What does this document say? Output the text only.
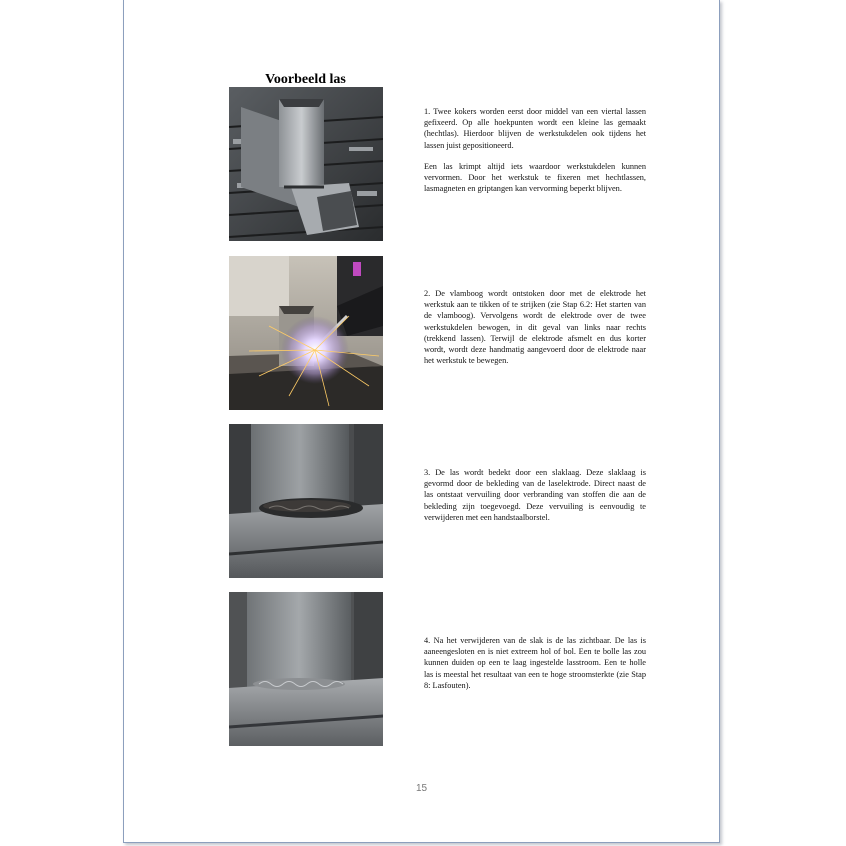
Voorbeeld las

1. Twee kokers worden eerst door middel van een viertal lassen gefixeerd. Op alle hoekpunten wordt een kleine las gemaakt (hechtlas). Hierdoor blijven de werkstukdelen ook tijdens het lassen juist gepositioneerd.

Een las krimpt altijd iets waardoor werkstukdelen kunnen vervormen. Door het werkstuk te fixeren met hechtlassen, lasmagneten en griptangen kan vervorming beperkt blijven.

2. De vlamboog wordt ontstoken door met de elektrode het werkstuk aan te tikken of te strijken (zie Stap 6.2: Het starten van de vlamboog). Vervolgens wordt de elektrode over de twee werkstukdelen bewogen, in dit geval van links naar rechts (trekkend lassen). Terwijl de elektrode afsmelt en dus korter wordt, wordt deze handmatig aangevoerd door de elektrode naar het werkstuk te bewegen.

3. De las wordt bedekt door een slaklaag. Deze slaklaag is gevormd door de bekleding van de laselektrode. Direct naast de las ontstaat vervuiling door verbranding van stoffen die aan de bekleding zijn toegevoegd. Deze vervuiling is eenvoudig te verwijderen met een handstaalborstel.

4. Na het verwijderen van de slak is de las zichtbaar. De las is aaneengesloten en is niet extreem hol of bol. Een te bolle las zou kunnen duiden op een te laag ingestelde lasstroom. Een te holle las is meestal het resultaat van een te hoge stroomsterkte (zie Stap 8: Lasfouten).

15
